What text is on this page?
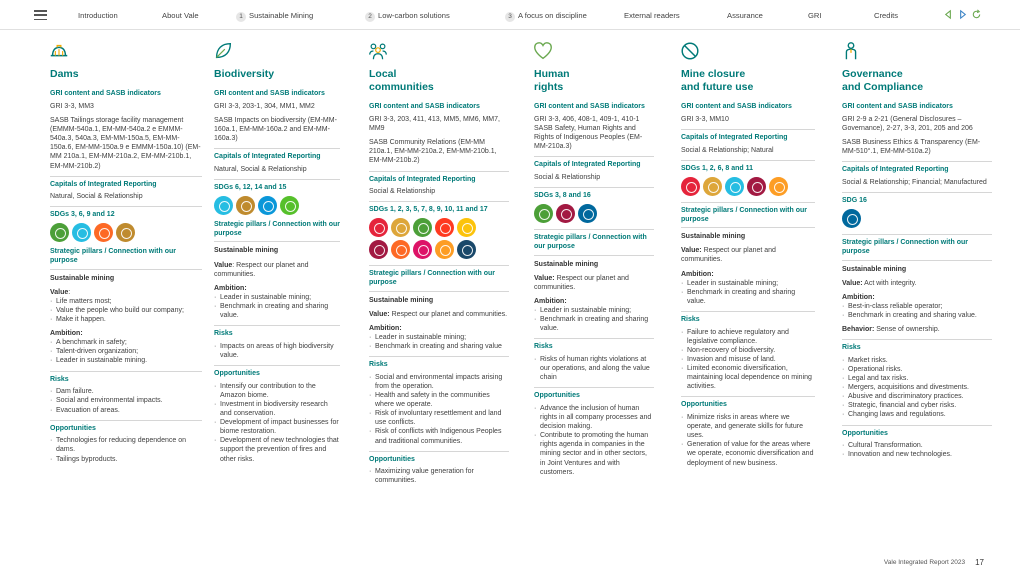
Introduction	About Vale	1 Sustainable Mining	2 Low-carbon solutions	3 A focus on discipline	External readers	Assurance	GRI	Credits
Dams
GRI content and SASB indicators
GRI 3-3, MM3
SASB Tailings storage facility management (EMMM-540a.1, EM-MM-540a.2 e EMMM-540a.3, 540a.3, EM-MM-150a.5, EM-MM-150a.6, EM-MM-150a.9 e EMMM-150a.10) (EM-MM 210a.1, EM-MM-210a.2, EM-MM-210b.1, EM-MM-210b.2)
Capitals of Integrated Reporting
Natural, Social & Relationship
SDGs 3, 6, 9 and 12
Strategic pillars / Connection with our purpose
Sustainable mining
Value:
· Life matters most;
· Value the people who build our company;
· Make it happen.
Ambition:
· A benchmark in safety;
· Talent-driven organization;
· Leader in sustainable mining.
Risks
· Dam failure.
· Social and environmental impacts.
· Evacuation of areas.
Opportunities
· Technologies for reducing dependence on dams.
· Tailings byproducts.
Biodiversity
GRI content and SASB indicators
GRI 3-3, 203-1, 304, MM1, MM2
SASB Impacts on biodiversity (EM-MM-160a.1, EM-MM-160a.2 and EM-MM-160a.3)
Capitals of Integrated Reporting
Natural, Social & Relationship
SDGs 6, 12, 14 and 15
Strategic pillars / Connection with our purpose
Sustainable mining
Value: Respect our planet and communities.
Ambition:
· Leader in sustainable mining;
· Benchmark in creating and sharing value.
Risks
· Impacts on areas of high biodiversity value.
Opportunities
· Intensify our contribution to the Amazon biome.
· Investment in biodiversity research and conservation.
· Development of impact businesses for biome restoration.
· Development of new technologies that support the prevention of fires and other risks.
Local
communities
GRI content and SASB indicators
GRI 3-3, 203, 411, 413, MM5, MM6, MM7, MM9
SASB Community Relations (EM-MM 210a.1, EM-MM-210a.2, EM-MM-210b.1, EM-MM-210b.2)
Capitals of Integrated Reporting
Social & Relationship
SDGs 1, 2, 3, 5, 7, 8, 9, 10, 11 and 17
Strategic pillars / Connection with our purpose
Sustainable mining
Value: Respect our planet and communities.
Ambition:
· Leader in sustainable mining;
· Benchmark in creating and sharing value
Risks
· Social and environmental impacts arising from the operation.
· Health and safety in the communities where we operate.
· Risk of involuntary resettlement and land use conflicts.
· Risk of conflicts with Indigenous Peoples and traditional communities.
Opportunities
· Maximizing value generation for communities.
Human
rights
GRI content and SASB indicators
GRI 3-3, 406, 408-1, 409-1, 410-1 SASB Safety, Human Rights and Rights of Indigenous Peoples (EM-MM-210a.3)
Capitals of Integrated Reporting
Social & Relationship
SDGs 3, 8 and 16
Strategic pillars / Connection with our purpose
Sustainable mining
Value: Respect our planet and communities.
Ambition:
· Leader in sustainable mining;
· Benchmark in creating and sharing value.
Risks
· Risks of human rights violations at our operations, and along the value chain
Opportunities
· Advance the inclusion of human rights in all company processes and decision making.
· Contribute to promoting the human rights agenda in companies in the mining sector and in other sectors, in Joint Ventures and with customers.
Mine closure
and future use
GRI content and SASB indicators
GRI 3-3, MM10
Capitals of Integrated Reporting
Social & Relationship; Natural
SDGs 1, 2, 6, 8 and 11
Strategic pillars / Connection with our purpose
Sustainable mining
Value: Respect our planet and communities.
Ambition:
· Leader in sustainable mining;
· Benchmark in creating and sharing value.
Risks
· Failure to achieve regulatory and legislative compliance.
· Non-recovery of biodiversity.
· Invasion and misuse of land.
· Limited economic diversification, maintaining local dependence on mining activities.
Opportunities
· Minimize risks in areas where we operate, and generate skills for future uses.
· Generation of value for the areas where we operate, economic diversification and deployment of new business.
Governance
and Compliance
GRI content and SASB indicators
GRI 2-9 a 2-21 (General Disclosures – Governance), 2-27, 3-3, 201, 205 and 206
SASB Business Ethics & Transparency (EM-MM-510°.1, EM-MM-510a.2)
Capitals of Integrated Reporting
Social & Relationship; Financial; Manufactured
SDG 16
Strategic pillars / Connection with our purpose
Sustainable mining
Value: Act with integrity.
Ambition:
· Best-in-class reliable operator;
· Benchmark in creating and sharing value.
Behavior: Sense of ownership.
Risks
· Market risks.
· Operational risks.
· Legal and tax risks.
· Mergers, acquisitions and divestments.
· Abusive and discriminatory practices.
· Strategic, financial and cyber risks.
· Changing laws and regulations.
Opportunities
· Cultural Transformation.
· Innovation and new technologies.
Vale Integrated Report 2023 17
